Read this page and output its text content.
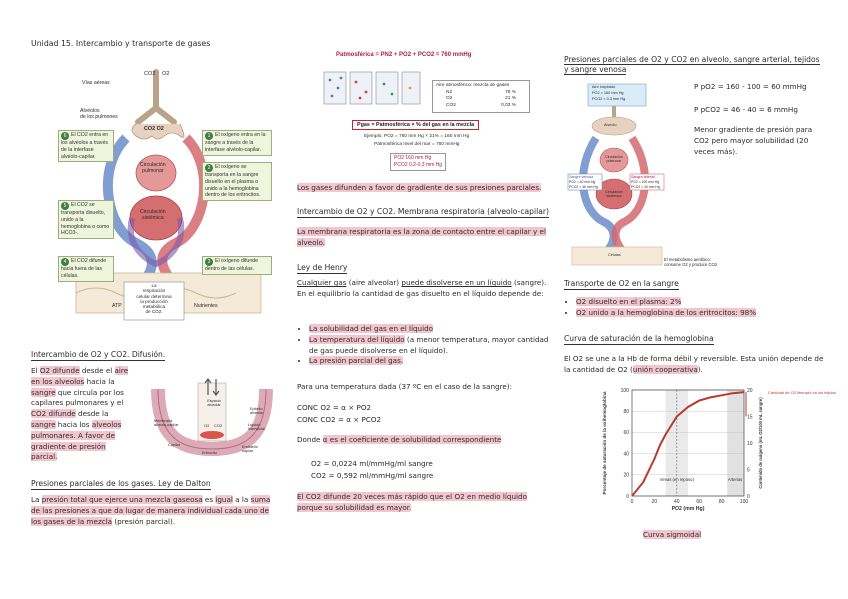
Unidad 15. Intercambio y transporte de gases
CO2 O2
Vías aéreas
Alvéolos
de los pulmones
CO2 O2
Circulación
pulmonar
Circulación
sistémica
ATP	Nutrientes
La
respiración
celular determina
la producción
metabólica
de CO2.
6 El CO2 entra en los alvéolos a través de la interfase alvéolo-capilar.
5 El CO2 se transporta disuelto, unido a la hemoglobina o como HCO3-.
4 El CO2 difunde hacia fuera de las células.
1 El oxígeno entra en la sangre a través de la interfase alvéolo-capilar.
2 El oxígeno se transporta en la sangre disuelto en el plasma o unido a la hemoglobina dentro de los eritrocitos.
3 El oxígeno difunde dentro de las células.
Intercambio de O2 y CO2. Difusión.
El O2 difunde desde el aire en los alveolos hacia la sangre que circula por los capilares pulmonares y el CO2 difunde desde la sangre hacia los alveolos pulmonares. A favor de gradiente de presión parcial.
Espacio alveolar
Epitelio alveolar
Membrana alvéolo-capilar	Líquido intersticial
Capilar
Eritrocito
Endotelio capilar
O2 CO2
Presiones parciales de los gases. Ley de Dalton
La presión total que ejerce una mezcla gaseosa es igual a la suma de las presiones a que da lugar de manera individual cada uno de los gases de la mezcla (presión parcial).
Patmosférica = PN2 + PO2 + PCO2 = 760 mmHg
Aire atmosférico: mezcla de gases
N2	78 %
O2	21 %
CO2	0,03 %
Pgas = Patmosférica × % del gas en la mezcla
Ejemplo: PO2 = 760 mm Hg × 21% = 160 mm Hg
Patmosférica nivel del mar = 760 mmHg
PO2 160 mm Hg
PCO2 0,2-0,3 mm Hg
Los gases difunden a favor de gradiente de sus presiones parciales.
Intercambio de O2 y CO2. Membrana respiratoria (alveolo-capilar)
La membrana respiratoria es la zona de contacto entre el capilar y el alveolo.
Ley de Henry
Cualquier gas (aire alveolar) puede disolverse en un líquido (sangre). En el equilibrio la cantidad de gas disuelto en el líquido depende de:
• La solubilidad del gas en el líquido
• La temperatura del líquido (a menor temperatura, mayor cantidad de gas puede disolverse en el líquido).
• La presión parcial del gas.
Para una temperatura dada (37 ºC en el caso de la sangre):
CONC O2 = α × PO2
CONC CO2 = α × PCO2
Donde α es el coeficiente de solubilidad correspondiente
O2 = 0,0224 ml/mmHg/ml sangre
CO2 = 0,592 ml/mmHg/ml sangre
El CO2 difunde 20 veces más rápido que el O2 en medio líquido porque su solubilidad es mayor.
Presiones parciales de O2 y CO2 en alveolo, sangre arterial, tejidos y sangre venosa
Aire inspirado
PO2 = 160 mm Hg
PCO2 = 0,3 mm Hg
Alveolo
Circulación pulmonar
Sangre venosa
PO2 = 40 mm Hg
PCO2 = 46 mm Hg
Sangre arterial
PO2 = 100 mm Hg
PCO2 = 40 mm Hg
Circulación sistémica
Células
El metabolismo aeróbico: consume O2 y produce CO2
P pO2 = 160 - 100 = 60 mmHg
P pCO2 = 46 - 40 = 6 mmHg
Menor gradiente de presión para CO2 pero mayor solubilidad (20 veces más).
Transporte de O2 en la sangre
• O2 disuelto en el plasma: 2%
• O2 unido a la hemoglobina de los eritrocitos: 98%
Curva de saturación de la hemoglobina
El O2 se une a la Hb de forma débil y reversible. Esta unión depende de la cantidad de O2 (unión cooperativa).
0	20	40	60	80	100
0
20
40
60
80
100
0
5
10
15
20
PO2 (mm Hg)
Porcentaje de saturación de la oxihemoglobina	Contenido de oxígeno (mL O2/100 mL sangre)
Venas (en reposo)	Arterias
Cantidad de O2 liberado en los tejidos
Curva sigmoidal
